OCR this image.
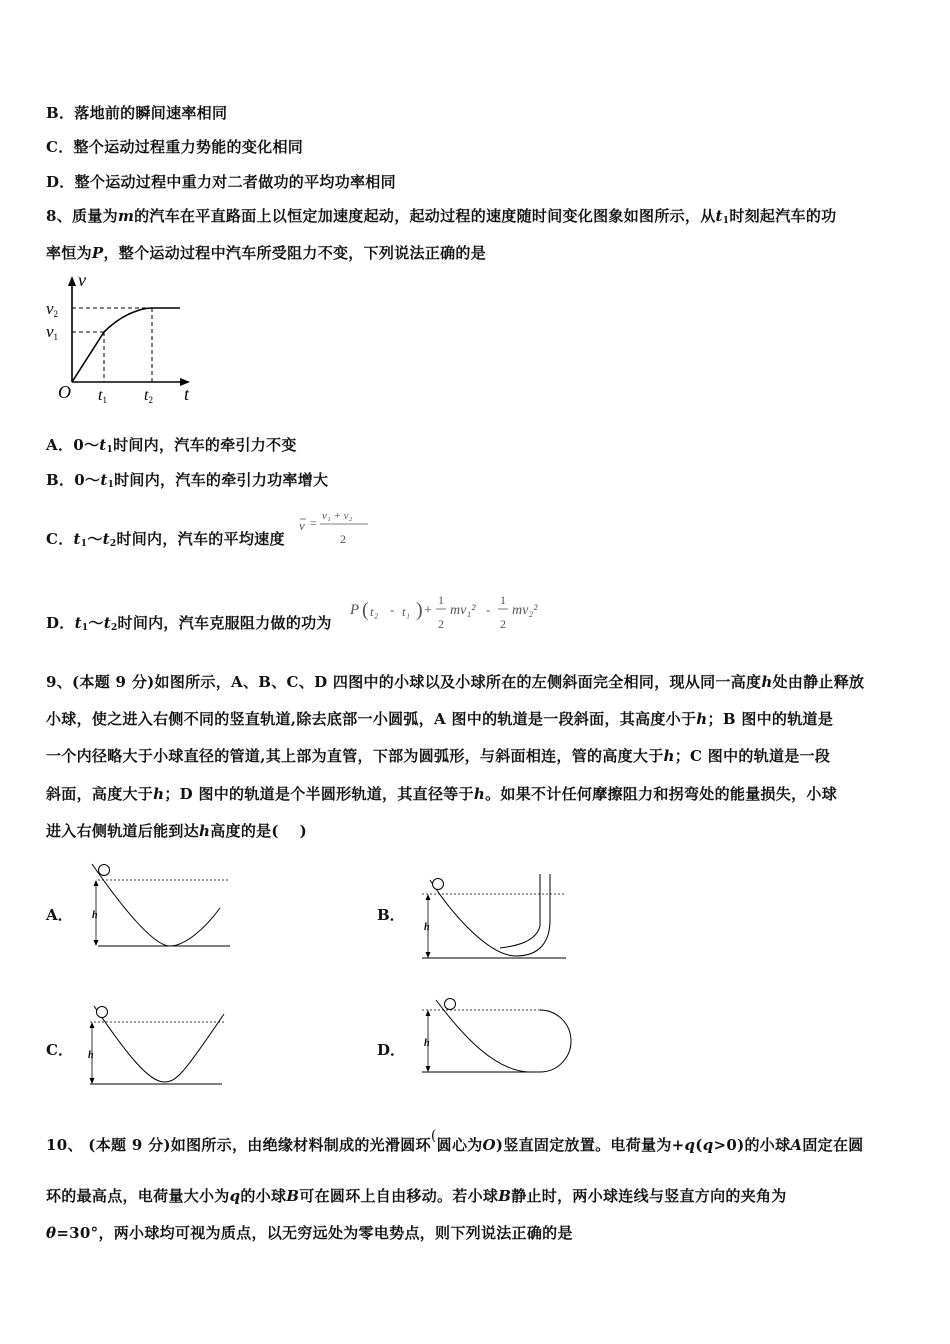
B．落地前的瞬间速率相同
C．整个运动过程重力势能的变化相同
D．整个运动过程中重力对二者做功的平均功率相同
8、质量为m的汽车在平直路面上以恒定加速度起动，起动过程的速度随时间变化图象如图所示，从$t_1$时刻起汽车的功
率恒为P，整个运动过程中汽车所受阻力不变，下列说法正确的是
v
v2
v1
O t1 t2 t
A．$0\sim t_1$时间内，汽车的牵引力不变
B．$0\sim t_1$时间内，汽车的牵引力功率增大
C．$t_1\sim t_2$时间内，汽车的平均速度
v = v₁ + v₂
2
D．$t_1\sim t_2$时间内，汽车克服阻力做的功为
P ( t₂ - t₁ ) +
1
2
mv₁² -
1
2
mv₂²
9、(本题 9 分)如图所示，A、B、C、D 四图中的小球以及小球所在的左侧斜面完全相同，现从同一高度h处由静止释放
小球，使之进入右侧不同的竖直轨道,除去底部一小圆弧，A 图中的轨道是一段斜面，其高度小于h；B 图中的轨道是
一个内径略大于小球直径的管道,其上部为直管，下部为圆弧形，与斜面相连，管的高度大于h；C 图中的轨道是一段
斜面，高度大于h；D 图中的轨道是个半圆形轨道，其直径等于h。如果不计任何摩擦阻力和拐弯处的能量损失，小球
进入右侧轨道后能到达h高度的是(　 )
A．	B．
C．	D．
h
h
h
h
10、 (本题 9 分)如图所示，由绝缘材料制成的光滑圆环(圆心为O)竖直固定放置。电荷量为+q(q>0)的小球A固定在圆
环的最高点，电荷量大小为q的小球B可在圆环上自由移动。若小球B静止时，两小球连线与竖直方向的夹角为
θ=30°，两小球均可视为质点，以无穷远处为零电势点，则下列说法正确的是
